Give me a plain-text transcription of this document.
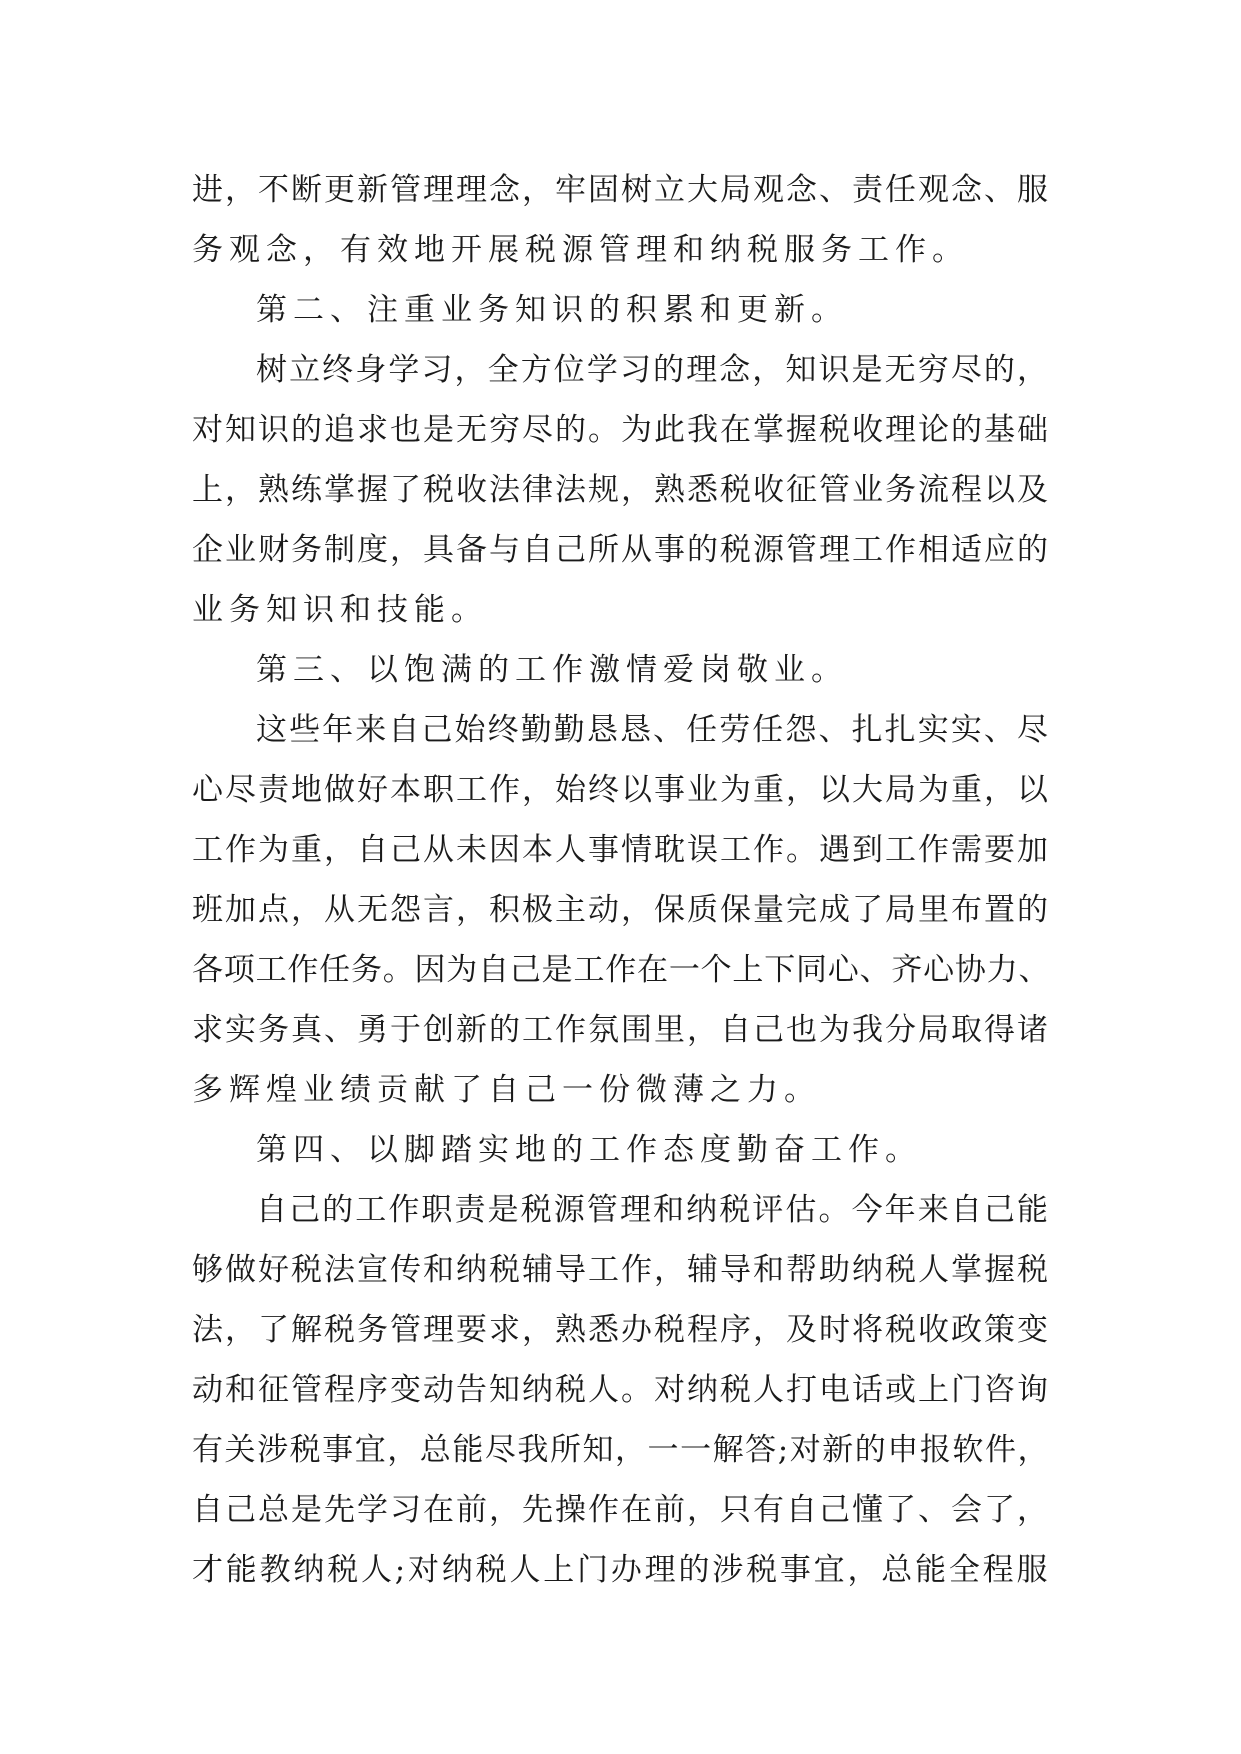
进，不断更新管理理念，牢固树立大局观念、责任观念、服
务观念，有效地开展税源管理和纳税服务工作。
第二、注重业务知识的积累和更新。
树立终身学习，全方位学习的理念，知识是无穷尽的，
对知识的追求也是无穷尽的。为此我在掌握税收理论的基础
上，熟练掌握了税收法律法规，熟悉税收征管业务流程以及
企业财务制度，具备与自己所从事的税源管理工作相适应的
业务知识和技能。
第三、以饱满的工作激情爱岗敬业。
这些年来自己始终勤勤恳恳、任劳任怨、扎扎实实、尽
心尽责地做好本职工作，始终以事业为重，以大局为重，以
工作为重，自己从未因本人事情耽误工作。遇到工作需要加
班加点，从无怨言，积极主动，保质保量完成了局里布置的
各项工作任务。因为自己是工作在一个上下同心、齐心协力、
求实务真、勇于创新的工作氛围里，自己也为我分局取得诸
多辉煌业绩贡献了自己一份微薄之力。
第四、以脚踏实地的工作态度勤奋工作。
自己的工作职责是税源管理和纳税评估。今年来自己能
够做好税法宣传和纳税辅导工作，辅导和帮助纳税人掌握税
法，了解税务管理要求，熟悉办税程序，及时将税收政策变
动和征管程序变动告知纳税人。对纳税人打电话或上门咨询
有关涉税事宜，总能尽我所知，一一解答;对新的申报软件，
自己总是先学习在前，先操作在前，只有自己懂了、会了，
才能教纳税人;对纳税人上门办理的涉税事宜，总能全程服
